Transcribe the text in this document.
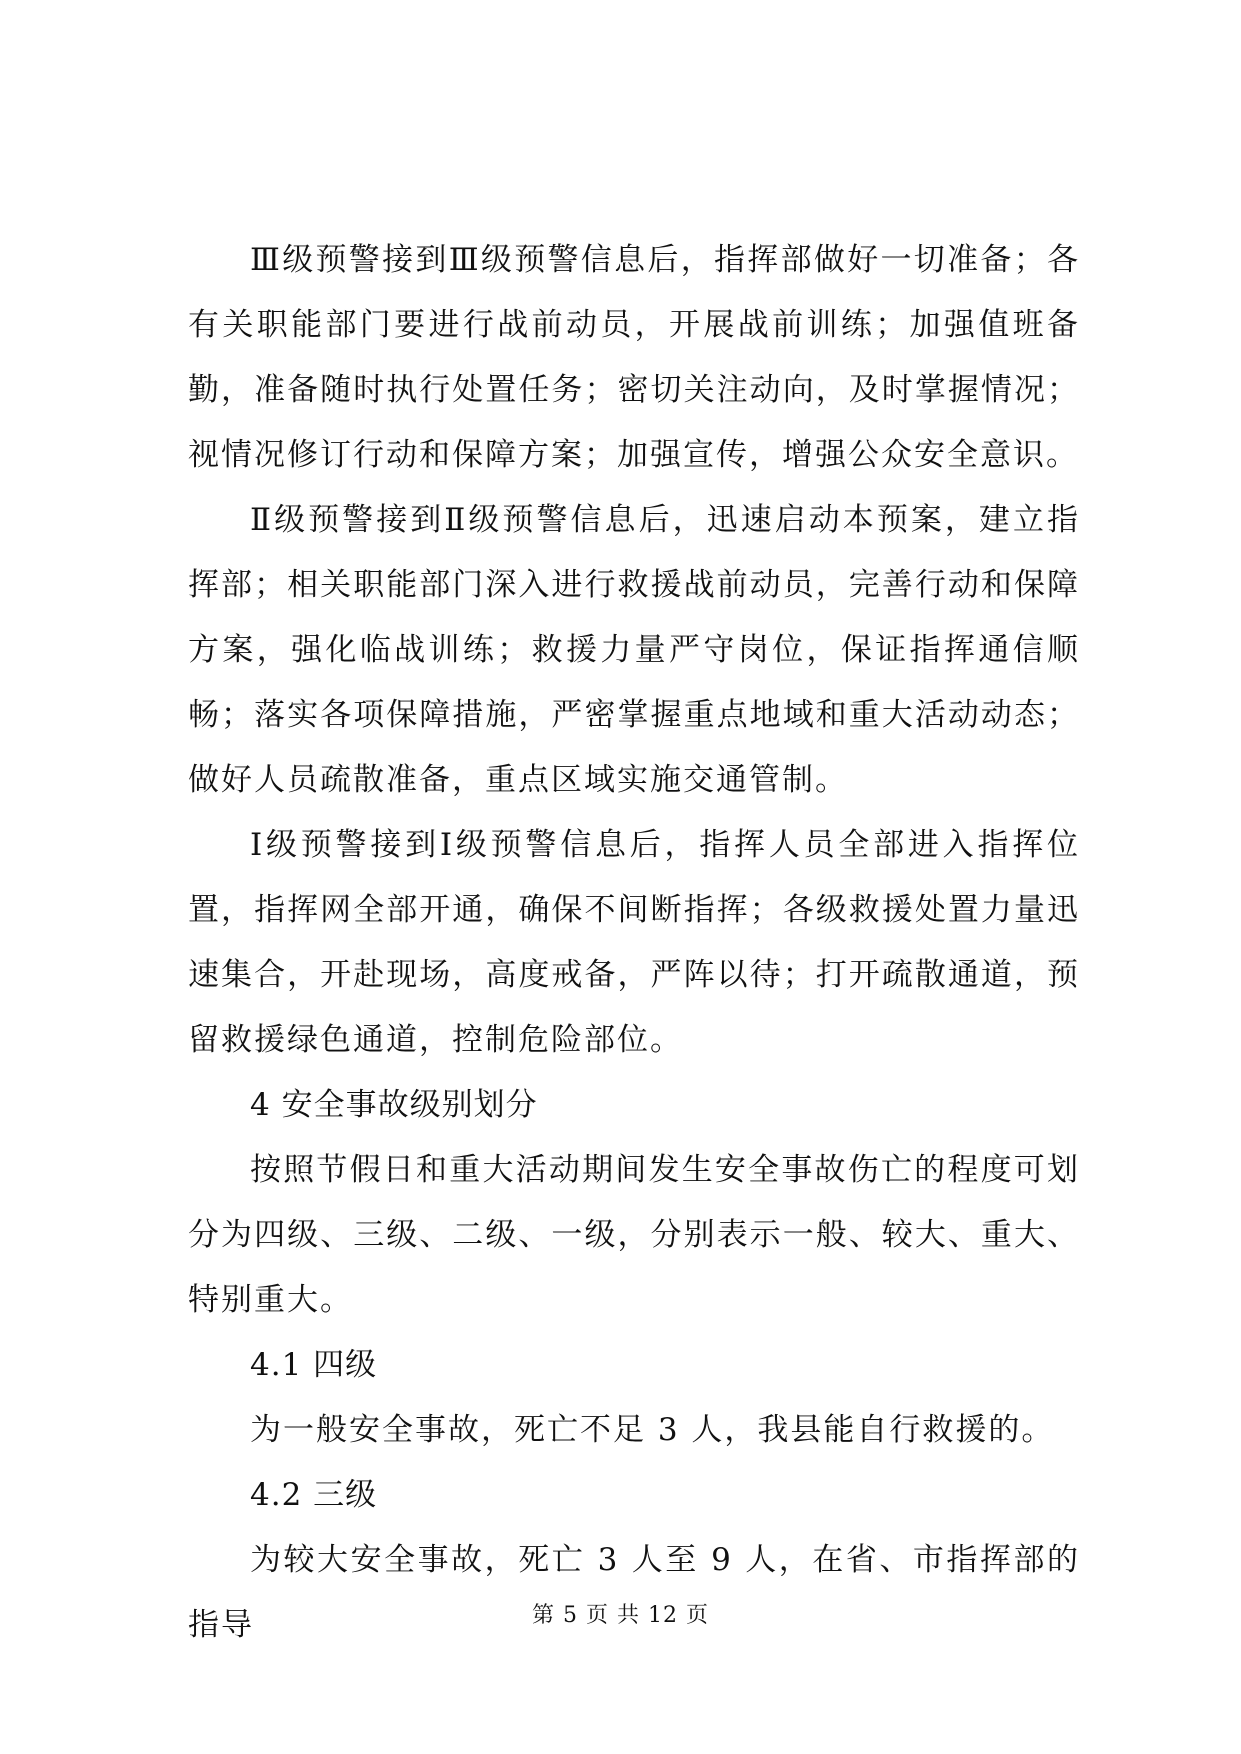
Ⅲ级预警接到Ⅲ级预警信息后，指挥部做好一切准备；各有关职能部门要进行战前动员，开展战前训练；加强值班备勤，准备随时执行处置任务；密切关注动向，及时掌握情况；视情况修订行动和保障方案；加强宣传，增强公众安全意识。

Ⅱ级预警接到Ⅱ级预警信息后，迅速启动本预案，建立指挥部；相关职能部门深入进行救援战前动员，完善行动和保障方案，强化临战训练；救援力量严守岗位，保证指挥通信顺畅；落实各项保障措施，严密掌握重点地域和重大活动动态；做好人员疏散准备，重点区域实施交通管制。

Ⅰ级预警接到Ⅰ级预警信息后，指挥人员全部进入指挥位置，指挥网全部开通，确保不间断指挥；各级救援处置力量迅速集合，开赴现场，高度戒备，严阵以待；打开疏散通道，预留救援绿色通道，控制危险部位。

4 安全事故级别划分

按照节假日和重大活动期间发生安全事故伤亡的程度可划分为四级、三级、二级、一级，分别表示一般、较大、重大、特别重大。

4.1 四级

为一般安全事故，死亡不足 3 人，我县能自行救援的。

4.2 三级

为较大安全事故，死亡 3 人至 9 人，在省、市指挥部的指导	第 5 页 共 12 页
